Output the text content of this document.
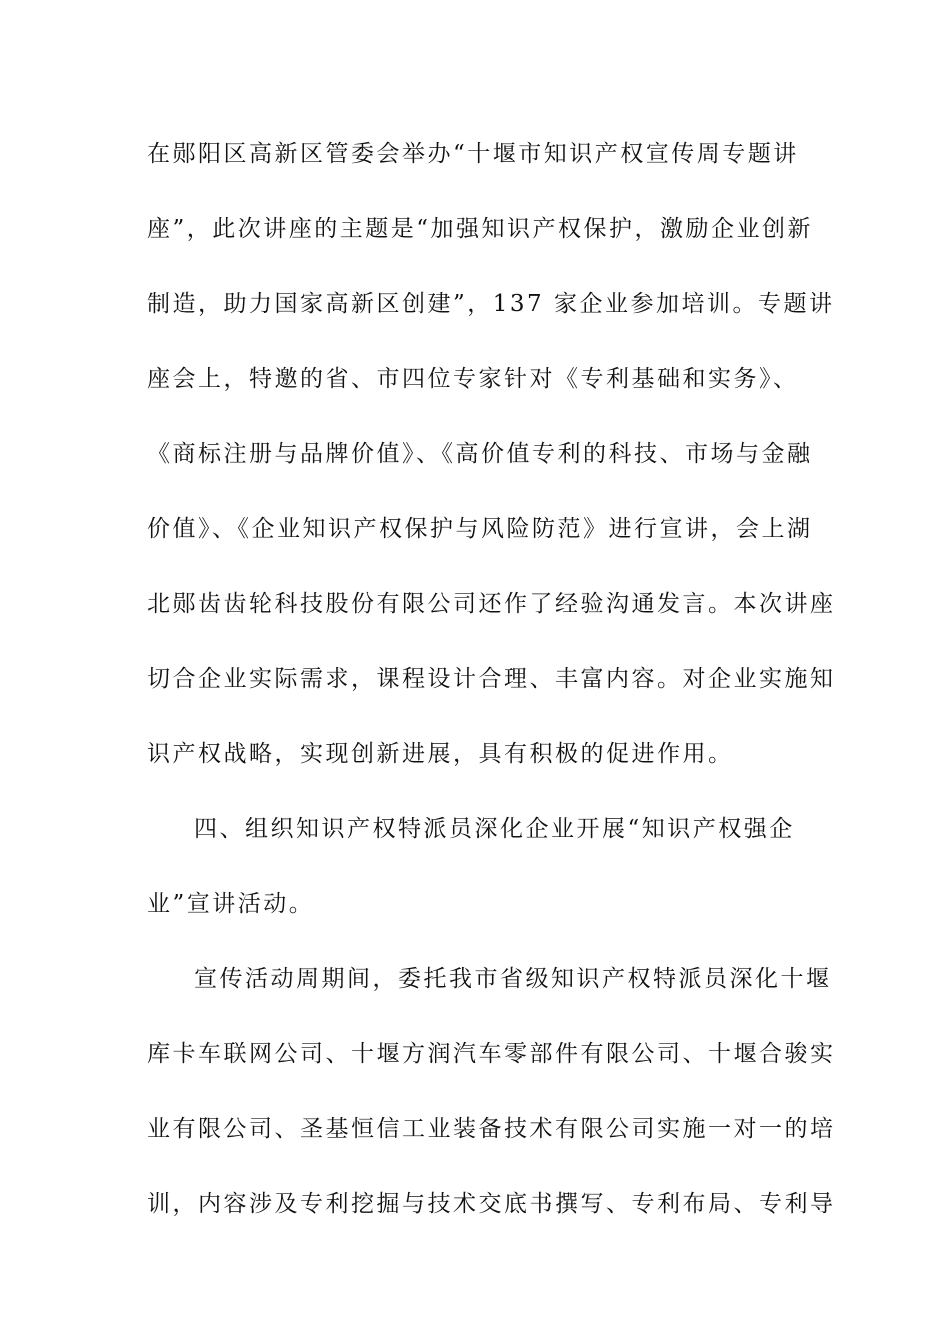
在郧阳区高新区管委会举办“十堰市知识产权宣传周专题讲
座”，此次讲座的主题是“加强知识产权保护，激励企业创新
制造，助力国家高新区创建”，137 家企业参加培训。专题讲
座会上，特邀的省、市四位专家针对《专利基础和实务》、
《商标注册与品牌价值》、《高价值专利的科技、市场与金融
价值》、《企业知识产权保护与风险防范》进行宣讲，会上湖
北郧齿齿轮科技股份有限公司还作了经验沟通发言。本次讲座
切合企业实际需求，课程设计合理、丰富内容。对企业实施知
识产权战略，实现创新进展，具有积极的促进作用。
四、组织知识产权特派员深化企业开展“知识产权强企
业”宣讲活动。
宣传活动周期间，委托我市省级知识产权特派员深化十堰
库卡车联网公司、十堰方润汽车零部件有限公司、十堰合骏实
业有限公司、圣基恒信工业装备技术有限公司实施一对一的培
训，内容涉及专利挖掘与技术交底书撰写、专利布局、专利导
